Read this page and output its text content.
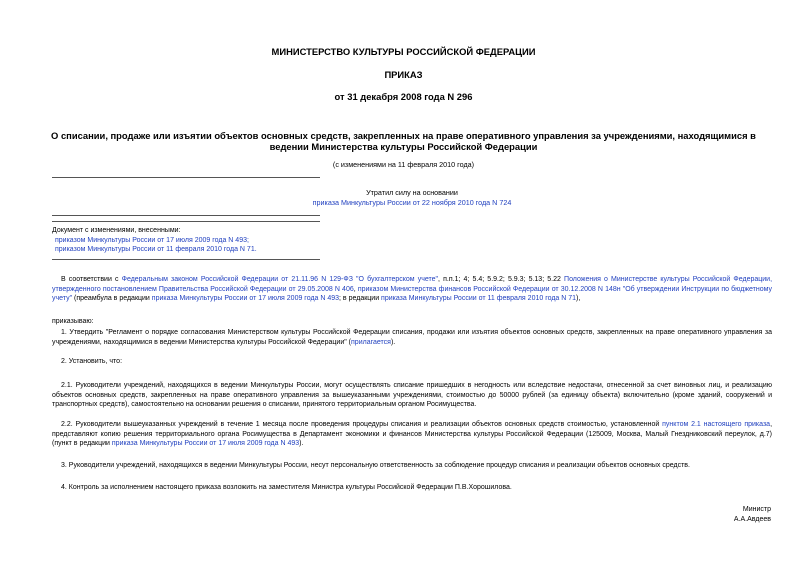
МИНИСТЕРСТВО КУЛЬТУРЫ РОССИЙСКОЙ ФЕДЕРАЦИИ
ПРИКАЗ
от 31 декабря 2008 года N 296
О списании, продаже или изъятии объектов основных средств, закрепленных на праве оперативного управления за учреждениями, находящимися в ведении Министерства культуры Российской Федерации
(с изменениями на 11 февраля 2010 года)
Утратил силу на основании
приказа Минкультуры России от 22 ноября 2010 года N 724
Документ с изменениями, внесенными:
приказом Минкультуры России от 17 июля 2009 года N 493;
приказом Минкультуры России от 11 февраля 2010 года N 71.
В соответствии с Федеральным законом Российской Федерации от 21.11.96 N 129-ФЗ "О бухгалтерском учете", п.п.1; 4; 5.4; 5.9.2; 5.9.3; 5.13; 5.22 Положения о Министерстве культуры Российской Федерации, утвержденного постановлением Правительства Российской Федерации от 29.05.2008 N 406, приказом Министерства финансов Российской Федерации от 30.12.2008 N 148н "Об утверждении Инструкции по бюджетному учету" (преамбула в редакции приказа Минкультуры России от 17 июля 2009 года N 493; в редакции приказа Минкультуры России от 11 февраля 2010 года N 71),
приказываю:
1. Утвердить "Регламент о порядке согласования Министерством культуры Российской Федерации списания, продажи или изъятия объектов основных средств, закрепленных на праве оперативного управления за учреждениями, находящимися в ведении Министерства культуры Российской Федерации" (прилагается).
2. Установить, что:
2.1. Руководители учреждений, находящихся в ведении Минкультуры России, могут осуществлять списание пришедших в негодность или вследствие недостачи, отнесенной за счет виновных лиц, и реализацию объектов основных средств, закрепленных на праве оперативного управления за вышеуказанными учреждениями, стоимостью до 50000 рублей (за единицу объекта) включительно (кроме зданий, сооружений и транспортных средств), самостоятельно на основании решения о списании, принятого территориальным органом Росимущества.
2.2. Руководители вышеуказанных учреждений в течение 1 месяца после проведения процедуры списания и реализации объектов основных средств стоимостью, установленной пунктом 2.1 настоящего приказа, представляют копию решения территориального органа Росимущества в Департамент экономики и финансов Министерства культуры Российской Федерации (125009, Москва, Малый Гнездниковский переулок, д.7) (пункт в редакции приказа Минкультуры России от 17 июля 2009 года N 493).
3. Руководители учреждений, находящихся в ведении Минкультуры России, несут персональную ответственность за соблюдение процедур списания и реализации объектов основных средств.
4. Контроль за исполнением настоящего приказа возложить на заместителя Министра культуры Российской Федерации П.В.Хорошилова.
Министр
А.А.Авдеев
